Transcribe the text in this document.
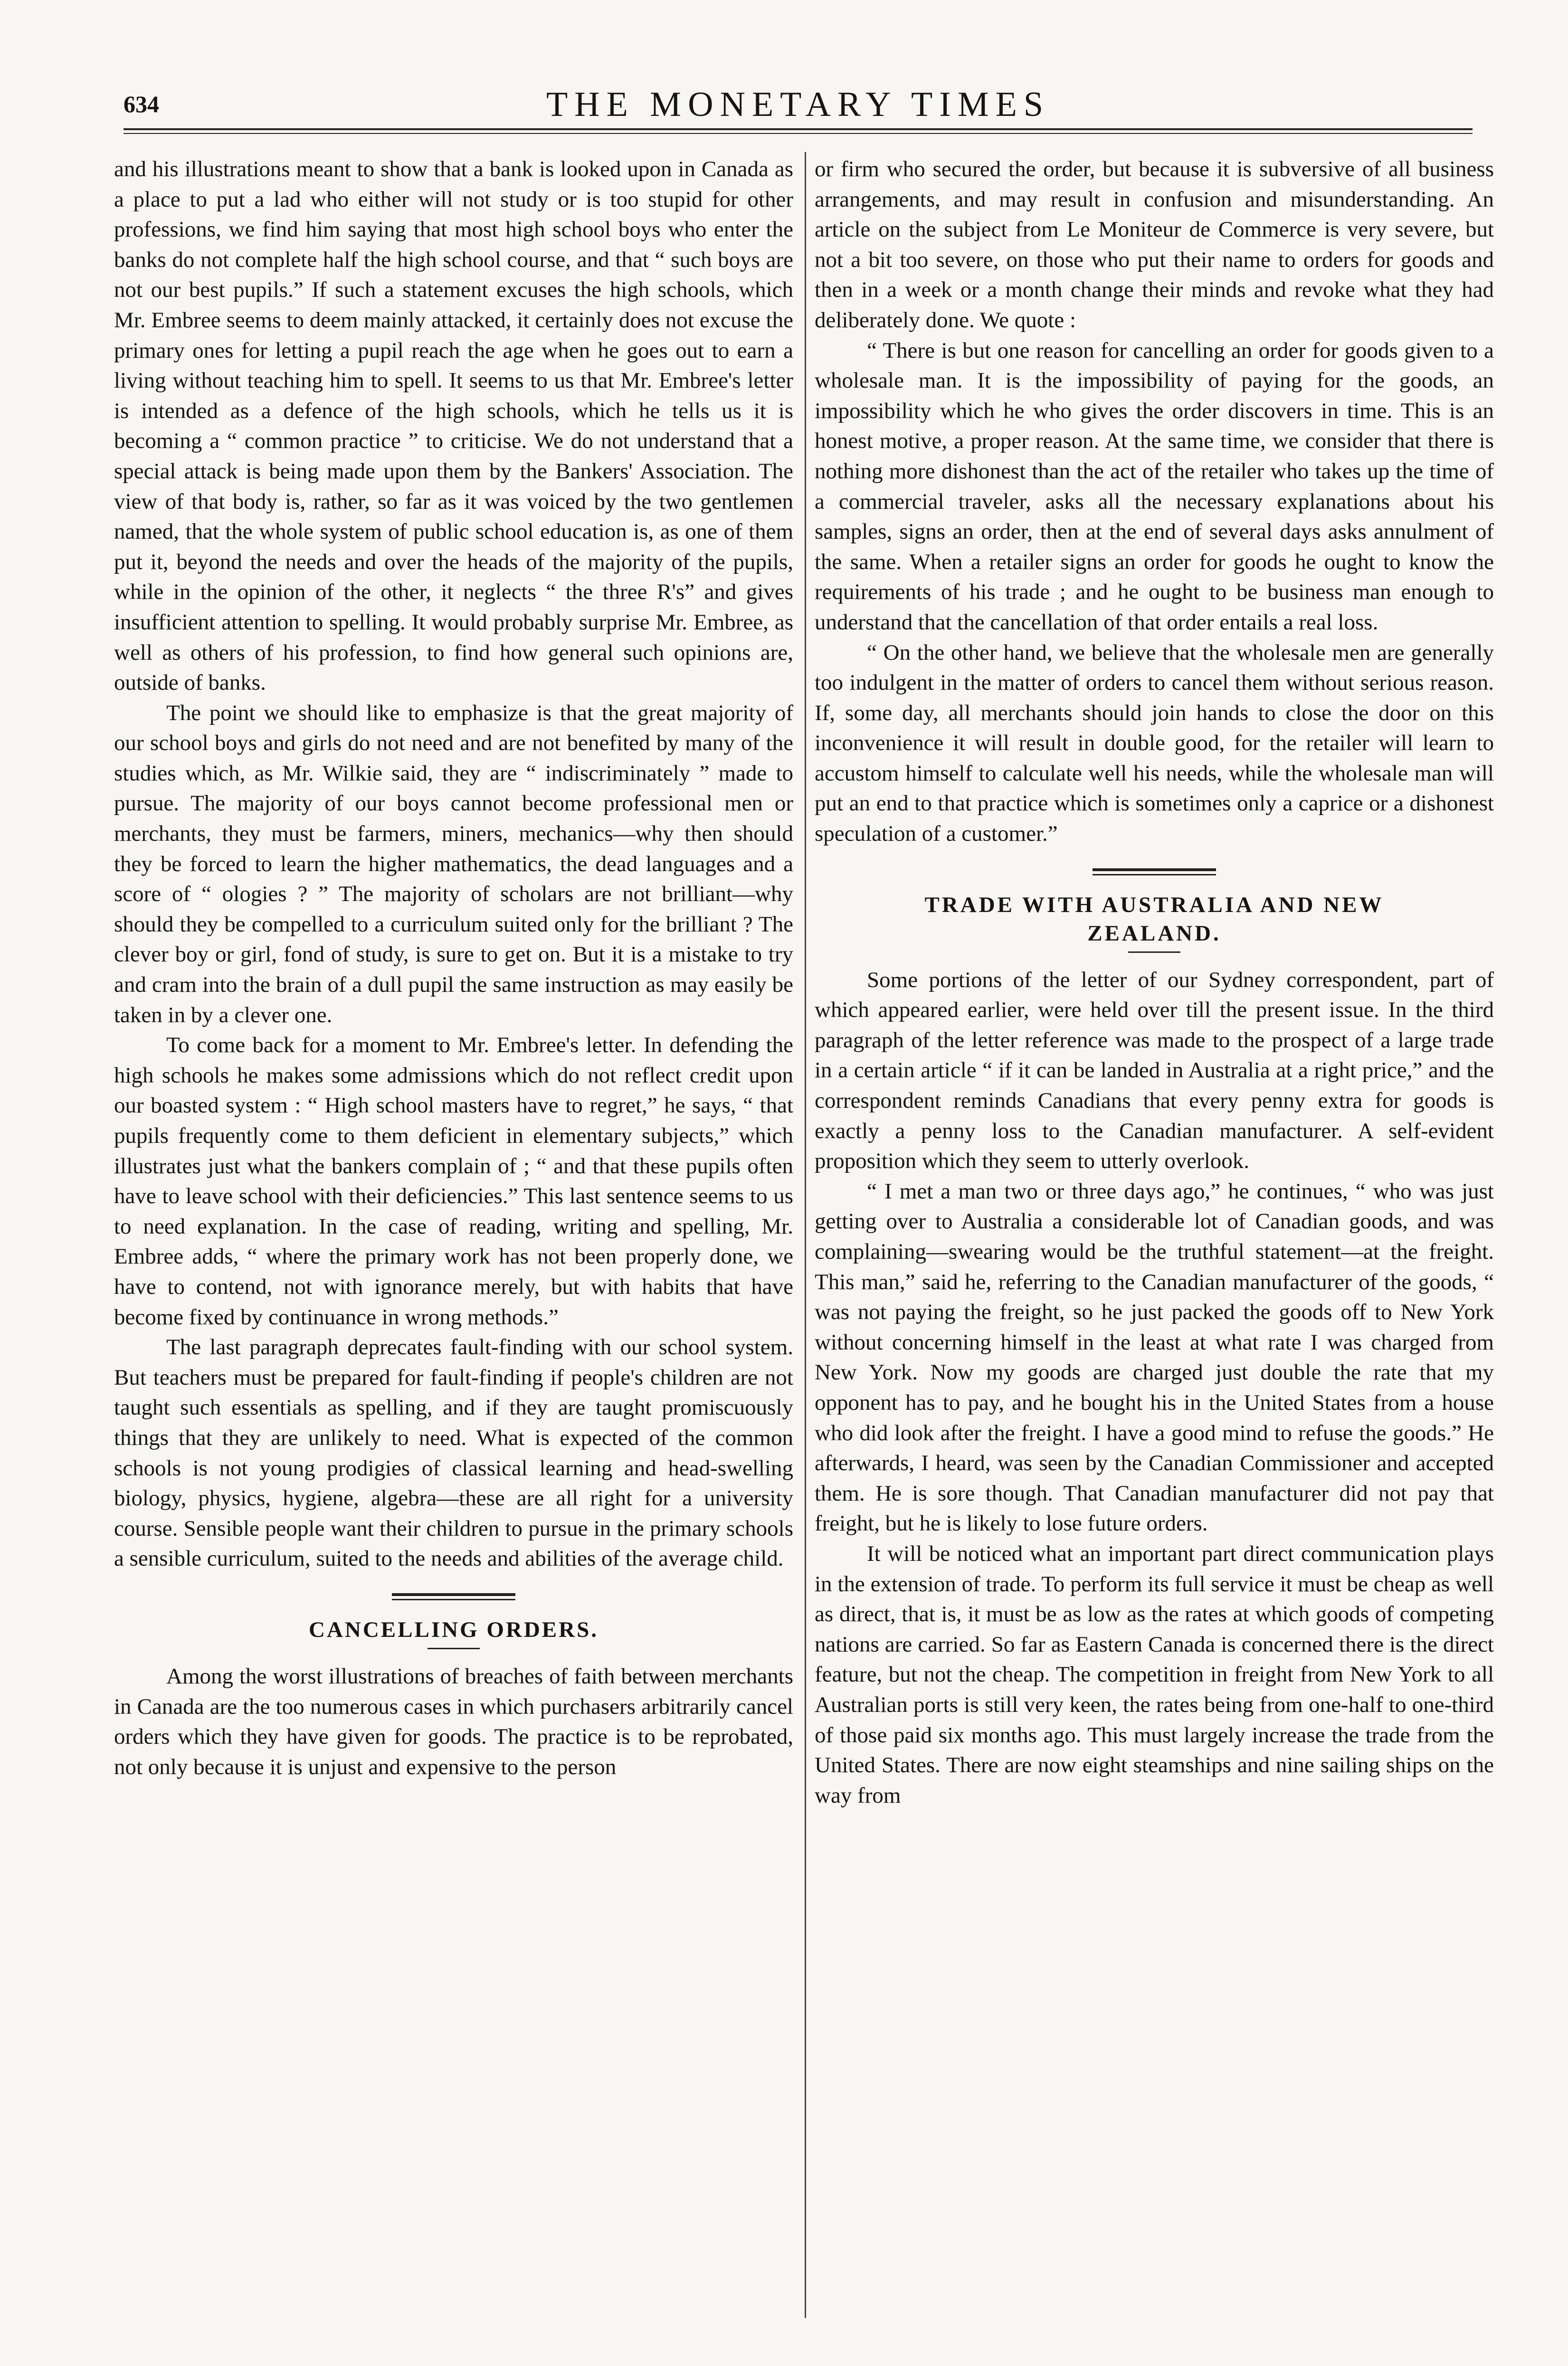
634	THE MONETARY TIMES

and his illustrations meant to show that a bank is looked upon in Canada as a place to put a lad who either will not study or is too stupid for other professions, we find him saying that most high school boys who enter the banks do not complete half the high school course, and that “ such boys are not our best pupils.” If such a statement excuses the high schools, which Mr. Embree seems to deem mainly attacked, it certainly does not excuse the primary ones for letting a pupil reach the age when he goes out to earn a living without teaching him to spell. It seems to us that Mr. Embree's letter is intended as a defence of the high schools, which he tells us it is becoming a “ common practice ” to criticise. We do not understand that a special attack is being made upon them by the Bankers' Association. The view of that body is, rather, so far as it was voiced by the two gentlemen named, that the whole system of public school education is, as one of them put it, beyond the needs and over the heads of the majority of the pupils, while in the opinion of the other, it neglects “ the three R's” and gives insufficient attention to spelling. It would probably surprise Mr. Embree, as well as others of his profession, to find how general such opinions are, outside of banks.

The point we should like to emphasize is that the great majority of our school boys and girls do not need and are not benefited by many of the studies which, as Mr. Wilkie said, they are “ indiscriminately ” made to pursue. The majority of our boys cannot become professional men or merchants, they must be farmers, miners, mechanics—why then should they be forced to learn the higher mathematics, the dead languages and a score of “ ologies ? ” The majority of scholars are not brilliant—why should they be compelled to a curriculum suited only for the brilliant ? The clever boy or girl, fond of study, is sure to get on. But it is a mistake to try and cram into the brain of a dull pupil the same instruction as may easily be taken in by a clever one.

To come back for a moment to Mr. Embree's letter. In defending the high schools he makes some admissions which do not reflect credit upon our boasted system : “ High school masters have to regret,” he says, “ that pupils frequently come to them deficient in elementary subjects,” which illustrates just what the bankers complain of ; “ and that these pupils often have to leave school with their deficiencies.” This last sentence seems to us to need explanation. In the case of reading, writing and spelling, Mr. Embree adds, “ where the primary work has not been properly done, we have to contend, not with ignorance merely, but with habits that have become fixed by continuance in wrong methods.”

The last paragraph deprecates fault-finding with our school system. But teachers must be prepared for fault-finding if people's children are not taught such essentials as spelling, and if they are taught promiscuously things that they are unlikely to need. What is expected of the common schools is not young prodigies of classical learning and head-swelling biology, physics, hygiene, algebra—these are all right for a university course. Sensible people want their children to pursue in the primary schools a sensible curriculum, suited to the needs and abilities of the average child.

CANCELLING ORDERS.

Among the worst illustrations of breaches of faith between merchants in Canada are the too numerous cases in which purchasers arbitrarily cancel orders which they have given for goods. The practice is to be reprobated, not only because it is unjust and expensive to the person

or firm who secured the order, but because it is subversive of all business arrangements, and may result in confusion and misunderstanding. An article on the subject from Le Moniteur de Commerce is very severe, but not a bit too severe, on those who put their name to orders for goods and then in a week or a month change their minds and revoke what they had deliberately done. We quote :

“ There is but one reason for cancelling an order for goods given to a wholesale man. It is the impossibility of paying for the goods, an impossibility which he who gives the order discovers in time. This is an honest motive, a proper reason. At the same time, we consider that there is nothing more dishonest than the act of the retailer who takes up the time of a commercial traveler, asks all the necessary explanations about his samples, signs an order, then at the end of several days asks annulment of the same. When a retailer signs an order for goods he ought to know the requirements of his trade ; and he ought to be business man enough to understand that the cancellation of that order entails a real loss.

“ On the other hand, we believe that the wholesale men are generally too indulgent in the matter of orders to cancel them without serious reason. If, some day, all merchants should join hands to close the door on this inconvenience it will result in double good, for the retailer will learn to accustom himself to calculate well his needs, while the wholesale man will put an end to that practice which is sometimes only a caprice or a dishonest speculation of a customer.”

TRADE WITH AUSTRALIA AND NEW
ZEALAND.

Some portions of the letter of our Sydney correspondent, part of which appeared earlier, were held over till the present issue. In the third paragraph of the letter reference was made to the prospect of a large trade in a certain article “ if it can be landed in Australia at a right price,” and the correspondent reminds Canadians that every penny extra for goods is exactly a penny loss to the Canadian manufacturer. A self-evident proposition which they seem to utterly overlook.

“ I met a man two or three days ago,” he continues, “ who was just getting over to Australia a considerable lot of Canadian goods, and was complaining—swearing would be the truthful statement—at the freight. This man,” said he, referring to the Canadian manufacturer of the goods, “ was not paying the freight, so he just packed the goods off to New York without concerning himself in the least at what rate I was charged from New York. Now my goods are charged just double the rate that my opponent has to pay, and he bought his in the United States from a house who did look after the freight. I have a good mind to refuse the goods.” He afterwards, I heard, was seen by the Canadian Commissioner and accepted them. He is sore though. That Canadian manufacturer did not pay that freight, but he is likely to lose future orders.

It will be noticed what an important part direct communication plays in the extension of trade. To perform its full service it must be cheap as well as direct, that is, it must be as low as the rates at which goods of competing nations are carried. So far as Eastern Canada is concerned there is the direct feature, but not the cheap. The competition in freight from New York to all Australian ports is still very keen, the rates being from one-half to one-third of those paid six months ago. This must largely increase the trade from the United States. There are now eight steamships and nine sailing ships on the way from
